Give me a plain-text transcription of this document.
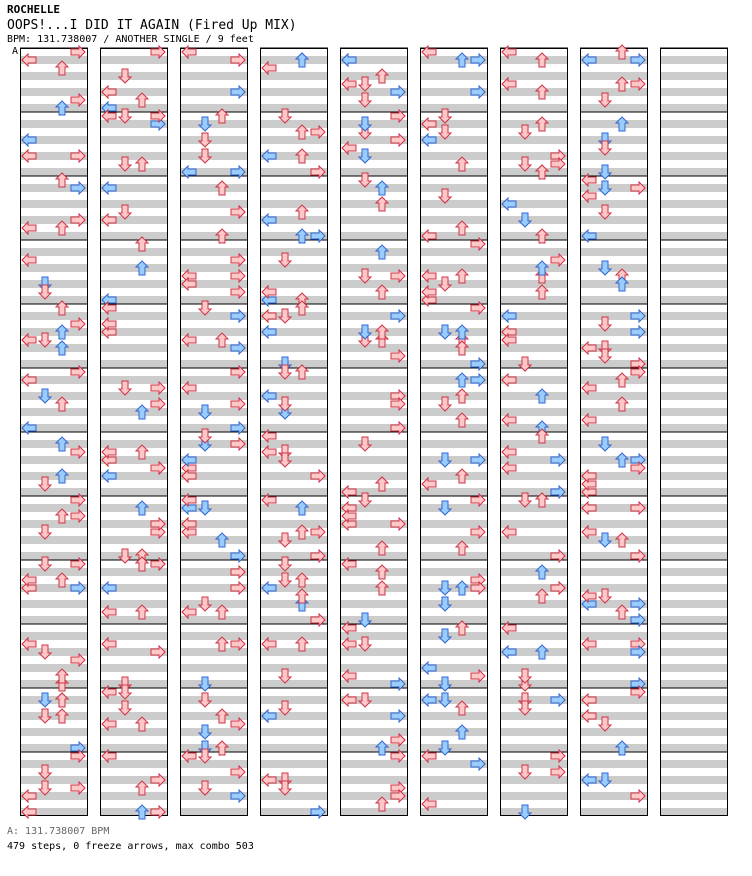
ROCHELLE
OOPS!...I DID IT AGAIN (Fired Up MIX)
BPM: 131.738007 / ANOTHER SINGLE / 9 feet
A
A: 131.738007 BPM
479 steps, 0 freeze arrows, max combo 503
